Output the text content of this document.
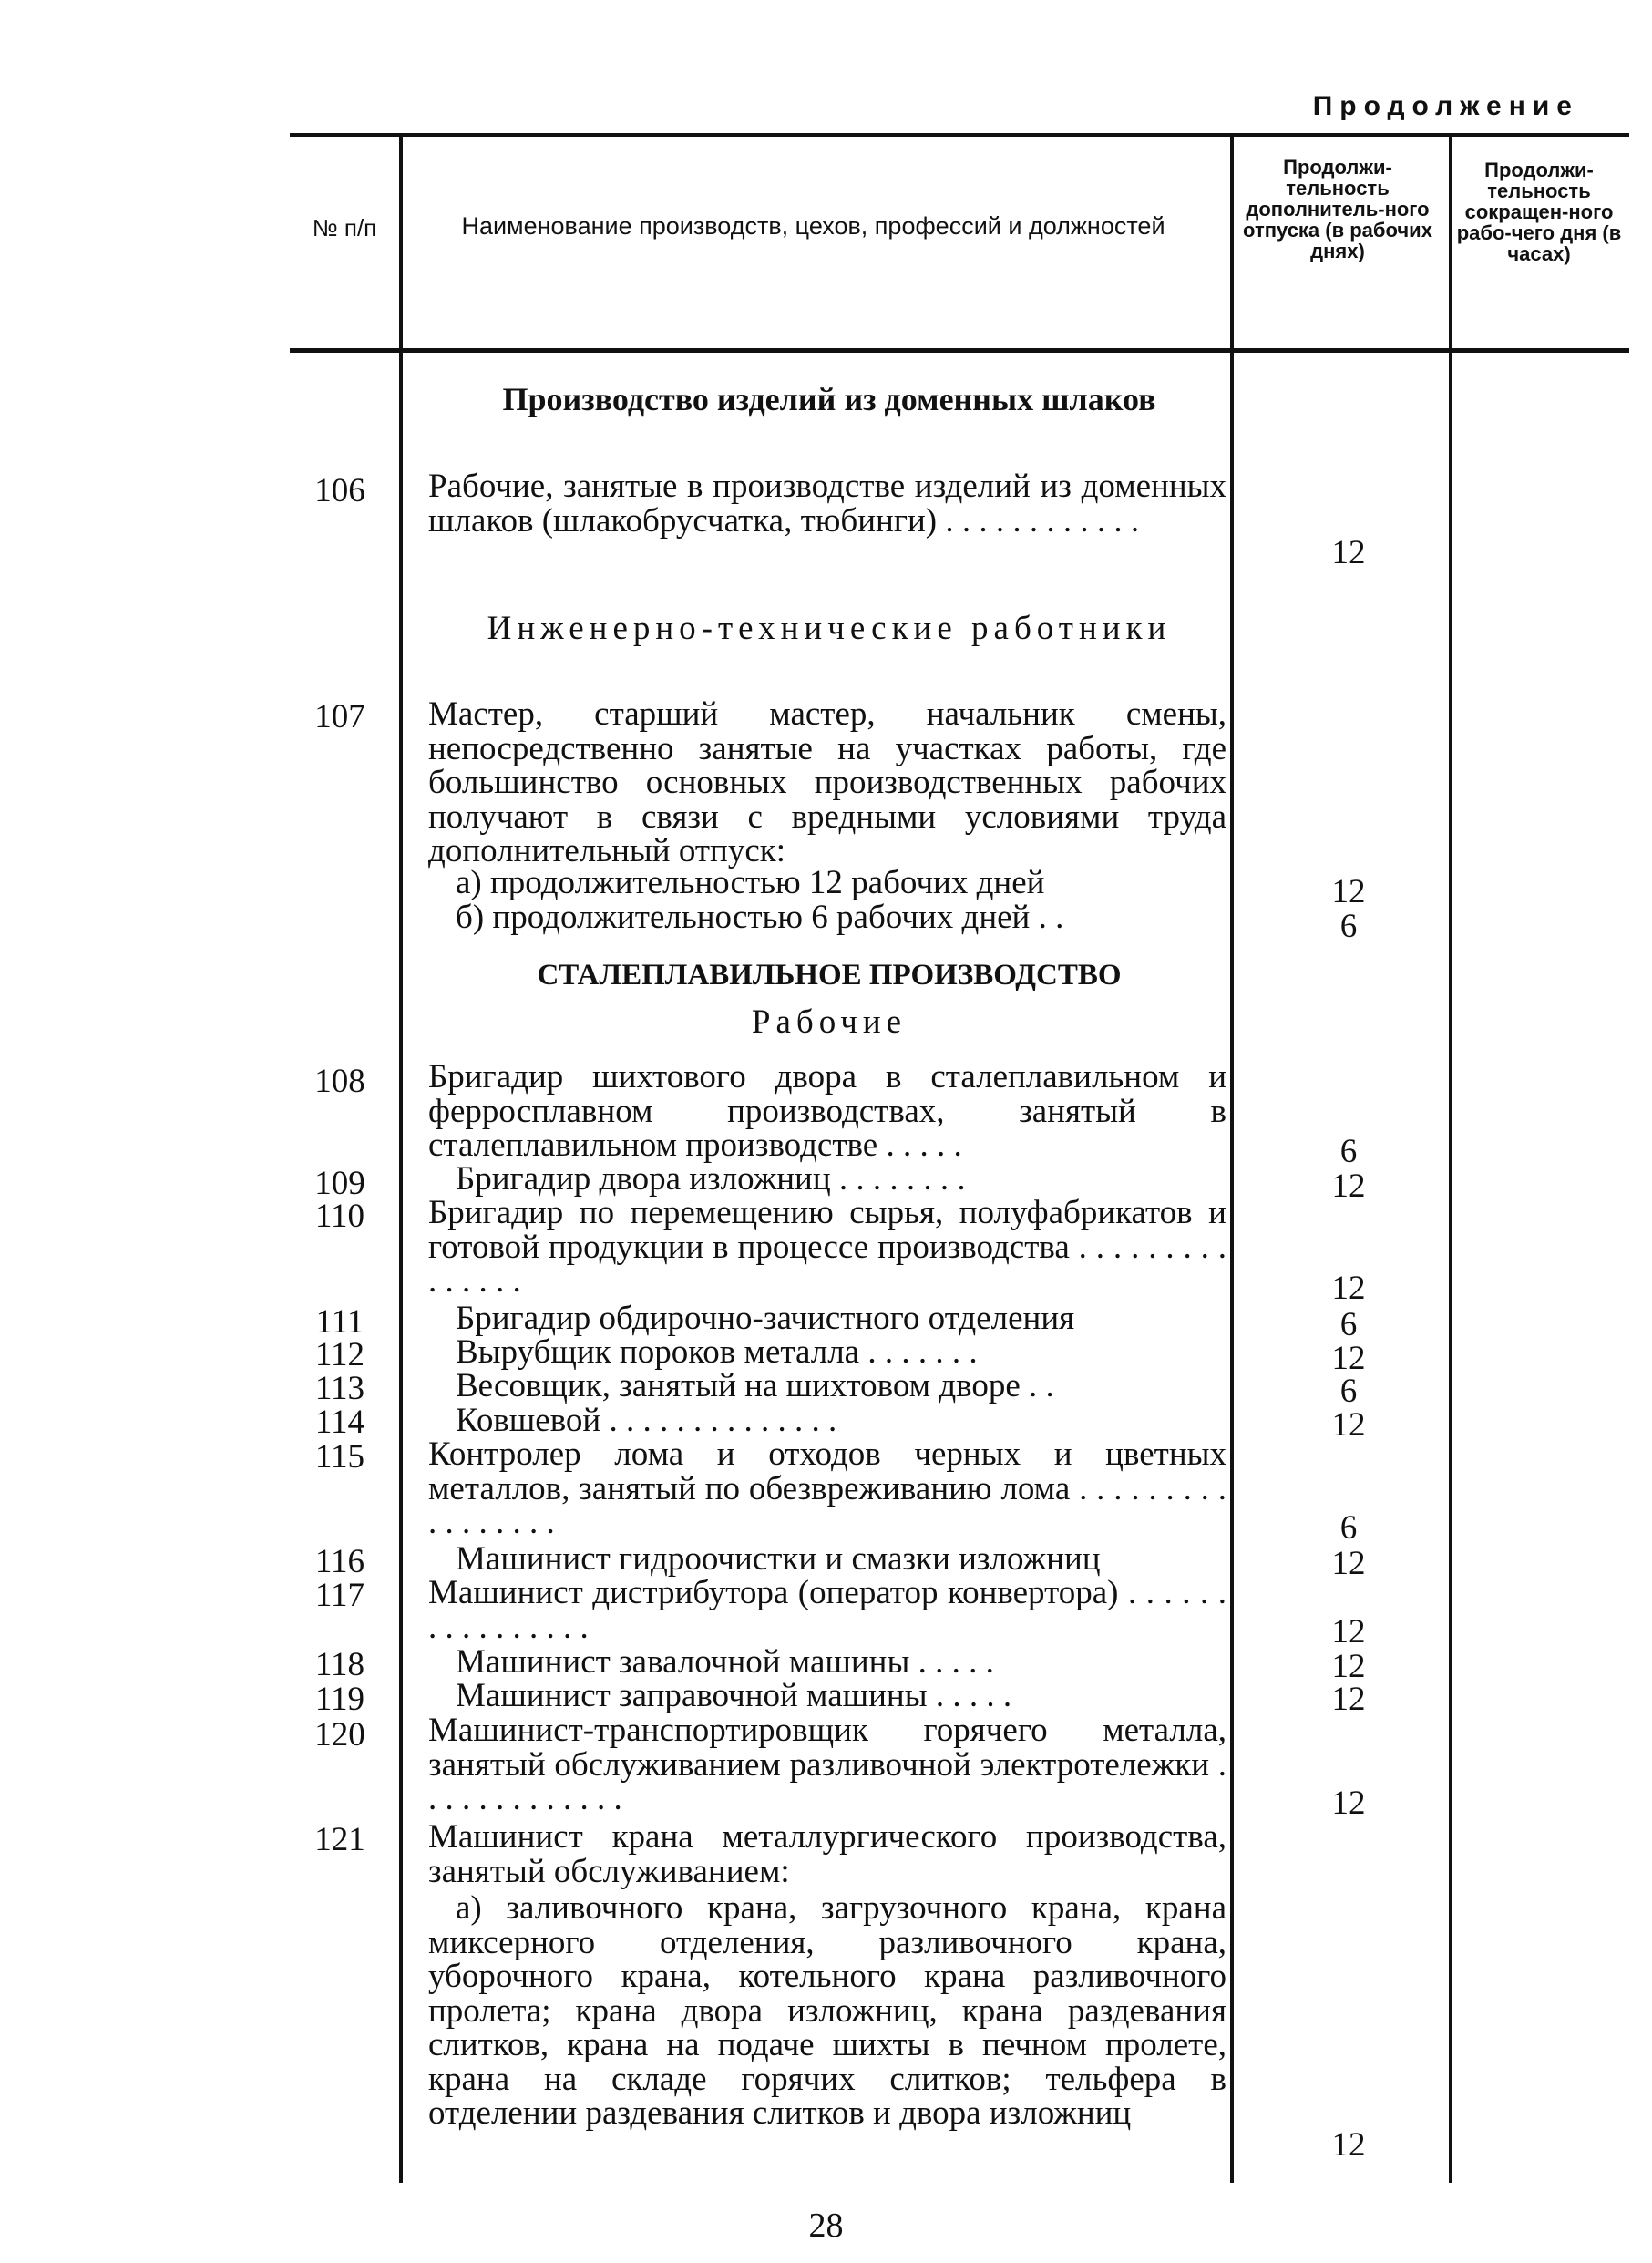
Продолжение
№ п/п	Наименование производств, цехов, профессий и должностей
Продолжи-тельность дополнитель-ного отпуска (в рабочих днях)
Продолжи-тельность сокращен-ного рабо-чего дня (в часах)
Производство изделий из доменных шлаков
106	Рабочие, занятые в производстве изделий из доменных шлаков (шлакобрусчатка, тюбинги) . . . . . . . . . . . .
12
Инженерно-технические работники
107	Мастер, старший мастер, начальник смены, непосредственно занятые на участках работы, где большинство основных производственных рабочих получают в связи с вредными условиями труда дополнительный отпуск:
а) продолжительностью 12 рабочих дней	12
б) продолжительностью 6 рабочих дней . .	6
СТАЛЕПЛАВИЛЬНОЕ ПРОИЗВОДСТВО
Рабочие
108	Бригадир шихтового двора в сталеплавильном и ферросплавном производствах, занятый в сталеплавильном производстве . . . . .	6
109	Бригадир двора изложниц . . . . . . . .	12
110	Бригадир по перемещению сырья, полуфабрикатов и готовой продукции в процессе производства . . . . . . . . . . . . . . .	12
111	Бригадир обдирочно-зачистного отделения	6
112	Вырубщик пороков металла . . . . . . .	12
113	Весовщик, занятый на шихтовом дворе . .	6
114	Ковшевой . . . . . . . . . . . . . .	12
115	Контролер лома и отходов черных и цветных металлов, занятый по обезвреживанию лома . . . . . . . . . . . . . . . . .	6
116	Машинист гидроочистки и смазки изложниц	12
117	Машинист дистрибутора (оператор конвертора) . . . . . . . . . . . . . . . .	12
118	Машинист завалочной машины . . . . .	12
119	Машинист заправочной машины . . . . .	12
120	Машинист-транспортировщик горячего металла, занятый обслуживанием разливочной электротележки . . . . . . . . . . . . .	12
121	Машинист крана металлургического производства, занятый обслуживанием:
а) заливочного крана, загрузочного крана, крана миксерного отделения, разливочного крана, уборочного крана, котельного крана разливочного пролета; крана двора изложниц, крана раздевания слитков, крана на подаче шихты в печном пролете, крана на складе горячих слитков; тельфера в отделении раздевания слитков и двора изложниц
12
28
